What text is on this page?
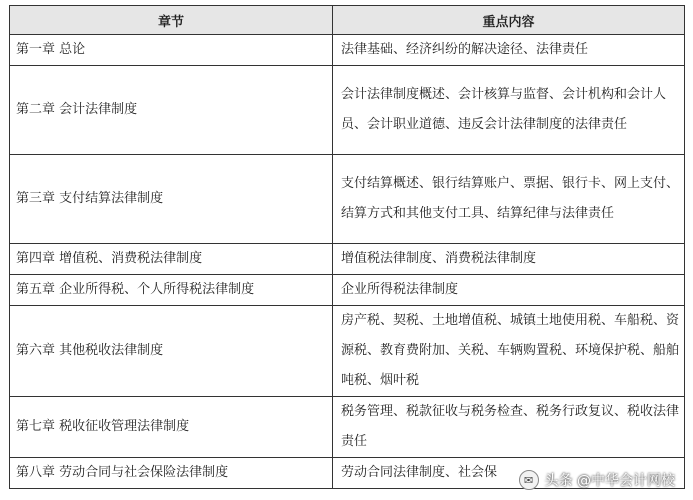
章节	重点内容
第一章 总论	法律基础、经济纠纷的解决途径、法律责任
第二章 会计法律制度	会计法律制度概述、会计核算与监督、会计机构和会计人员、会计职业道德、违反会计法律制度的法律责任
第三章 支付结算法律制度	支付结算概述、银行结算账户、票据、银行卡、网上支付、结算方式和其他支付工具、结算纪律与法律责任
第四章 增值税、消费税法律制度	增值税法律制度、消费税法律制度
第五章 企业所得税、个人所得税法律制度	企业所得税法律制度
第六章 其他税收法律制度	房产税、契税、土地增值税、城镇土地使用税、车船税、资源税、教育费附加、关税、车辆购置税、环境保护税、船舶吨税、烟叶税
第七章 税收征收管理法律制度	税务管理、税款征收与税务检查、税务行政复议、税收法律责任
第八章 劳动合同与社会保险法律制度	劳动合同法律制度、社会保	✉ 头条 @中华会计网校
